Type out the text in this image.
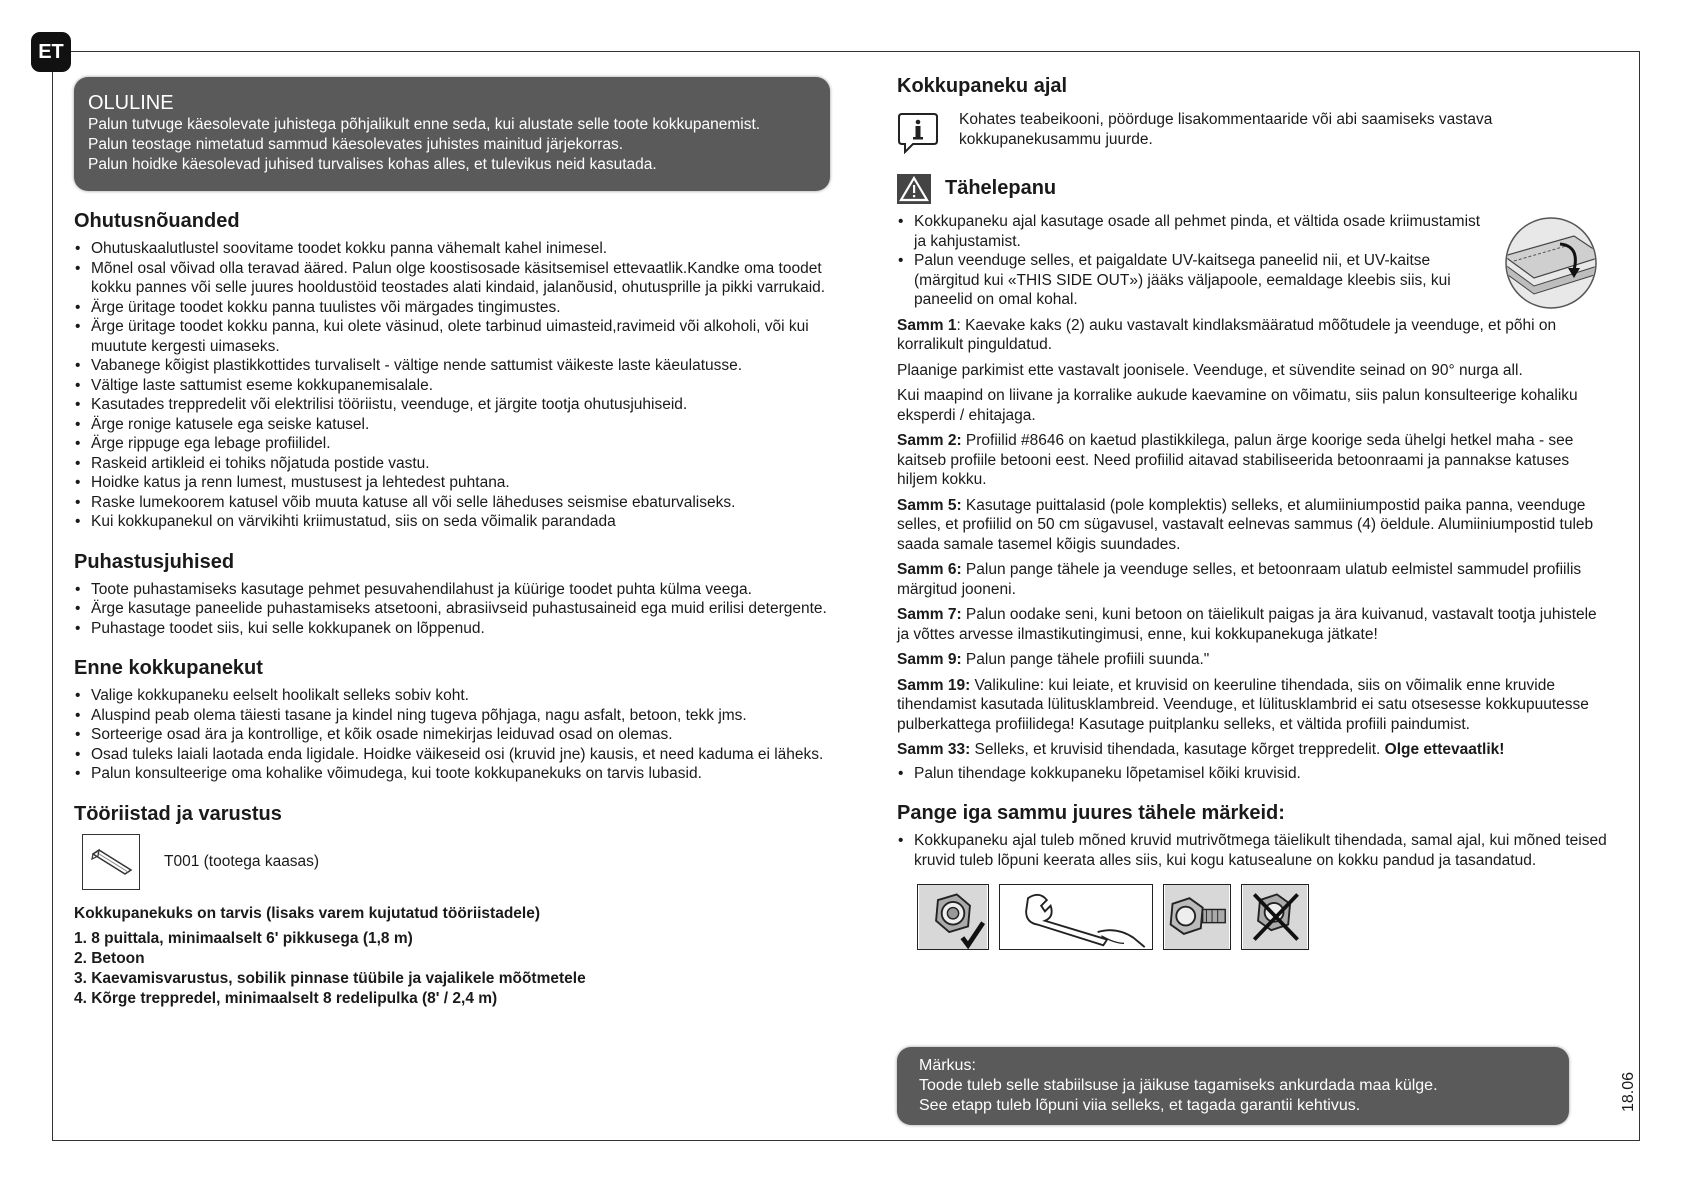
ET
OLULINE
Palun tutvuge käesolevate juhistega põhjalikult enne seda, kui alustate selle toote kokkupanemist.
Palun teostage nimetatud sammud käesolevates juhistes mainitud järjekorras.
Palun hoidke käesolevad juhised turvalises kohas alles, et tulevikus neid kasutada.
Ohutusnõuanded
• Ohutuskaalutlustel soovitame toodet kokku panna vähemalt kahel inimesel.
• Mõnel osal võivad olla teravad ääred. Palun olge koostisosade käsitsemisel ettevaatlik.Kandke oma toodet kokku pannes või selle juures hooldustöid teostades alati kindaid, jalanõusid, ohutusprille ja pikki varrukaid.
• Ärge üritage toodet kokku panna tuulistes või märgades tingimustes.
• Ärge üritage toodet kokku panna, kui olete väsinud, olete tarbinud uimasteid,ravimeid või alkoholi, või kui muutute kergesti uimaseks.
• Vabanege kõigist plastikkottides turvaliselt - vältige nende sattumist väikeste laste käeulatusse.
• Vältige laste sattumist eseme kokkupanemisalale.
• Kasutades treppredelit või elektrilisi tööriistu, veenduge, et järgite tootja ohutusjuhiseid.
• Ärge ronige katusele ega seiske katusel.
• Ärge rippuge ega lebage profiilidel.
• Raskeid artikleid ei tohiks nõjatuda postide vastu.
• Hoidke katus ja renn lumest, mustusest ja lehtedest puhtana.
• Raske lumekoorem katusel võib muuta katuse all või selle läheduses seismise ebaturvaliseks.
• Kui kokkupanekul on värvikihti kriimustatud, siis on seda võimalik parandada
Puhastusjuhised
• Toote puhastamiseks kasutage pehmet pesuvahendilahust ja küürige toodet puhta külma veega.
• Ärge kasutage paneelide puhastamiseks atsetooni, abrasiivseid puhastusaineid ega muid erilisi detergente.
• Puhastage toodet siis, kui selle kokkupanek on lõppenud.
Enne kokkupanekut
• Valige kokkupaneku eelselt hoolikalt selleks sobiv koht.
• Aluspind peab olema täiesti tasane ja kindel ning tugeva põhjaga, nagu asfalt, betoon, tekk jms.
• Sorteerige osad ära ja kontrollige, et kõik osade nimekirjas leiduvad osad on olemas.
• Osad tuleks laiali laotada enda ligidale. Hoidke väikeseid osi (kruvid jne) kausis, et need kaduma ei läheks.
• Palun konsulteerige oma kohalike võimudega, kui toote kokkupanekuks on tarvis lubasid.
Tööriistad ja varustus
T001 (tootega kaasas)
Kokkupanekuks on tarvis (lisaks varem kujutatud tööriistadele)
1. 8 puittala, minimaalselt 6' pikkusega (1,8 m)
2. Betoon
3. Kaevamisvarustus, sobilik pinnase tüübile ja vajalikele mõõtmetele
4. Kõrge treppredel, minimaalselt 8 redelipulka (8' / 2,4 m)
Kokkupaneku ajal
Kohates teabeikooni, pöörduge lisakommentaaride või abi saamiseks vastava kokkupanekusammu juurde.
Tähelepanu
• Kokkupaneku ajal kasutage osade all pehmet pinda, et vältida osade kriimustamist ja kahjustamist.
• Palun veenduge selles, et paigaldate UV-kaitsega paneelid nii, et UV-kaitse (märgitud kui «THIS SIDE OUT») jääks väljapoole, eemaldage kleebis siis, kui paneelid on omal kohal.
Samm 1: Kaevake kaks (2) auku vastavalt kindlaksmääratud mõõtudele ja veenduge, et põhi on korralikult pinguldatud.
Plaanige parkimist ette vastavalt joonisele. Veenduge, et süvendite seinad on 90° nurga all.
Kui maapind on liivane ja korralike aukude kaevamine on võimatu, siis palun konsulteerige kohaliku eksperdi / ehitajaga.
Samm 2: Profiilid #8646 on kaetud plastikkilega, palun ärge koorige seda ühelgi hetkel maha - see kaitseb profiile betooni eest. Need profiilid aitavad stabiliseerida betoonraami ja pannakse katuses hiljem kokku.
Samm 5: Kasutage puittalasid (pole komplektis) selleks, et alumiiniumpostid paika panna, veenduge selles, et profiilid on 50 cm sügavusel, vastavalt eelnevas sammus (4) öeldule. Alumiiniumpostid tuleb saada samale tasemel kõigis suundades.
Samm 6: Palun pange tähele ja veenduge selles, et betoonraam ulatub eelmistel sammudel profiilis märgitud jooneni.
Samm 7: Palun oodake seni, kuni betoon on täielikult paigas ja ära kuivanud, vastavalt tootja juhistele ja võttes arvesse ilmastikutingimusi, enne, kui kokkupanekuga jätkate!
Samm 9: Palun pange tähele profiili suunda."
Samm 19: Valikuline: kui leiate, et kruvisid on keeruline tihendada, siis on võimalik enne kruvide tihendamist kasutada lülitusklambreid. Veenduge, et lülitusklambrid ei satu otsesesse kokkupuutesse pulberkattega profiilidega! Kasutage puitplanku selleks, et vältida profiili paindumist.
Samm 33: Selleks, et kruvisid tihendada, kasutage kõrget treppredelit. Olge ettevaatlik!
• Palun tihendage kokkupaneku lõpetamisel kõiki kruvisid.
Pange iga sammu juures tähele märkeid:
• Kokkupaneku ajal tuleb mõned kruvid mutrivõtmega täielikult tihendada, samal ajal, kui mõned teised kruvid tuleb lõpuni keerata alles siis, kui kogu katusealune on kokku pandud ja tasandatud.
Märkus:
Toode tuleb selle stabiilsuse ja jäikuse tagamiseks ankurdada maa külge.
See etapp tuleb lõpuni viia selleks, et tagada garantii kehtivus.	18.06
